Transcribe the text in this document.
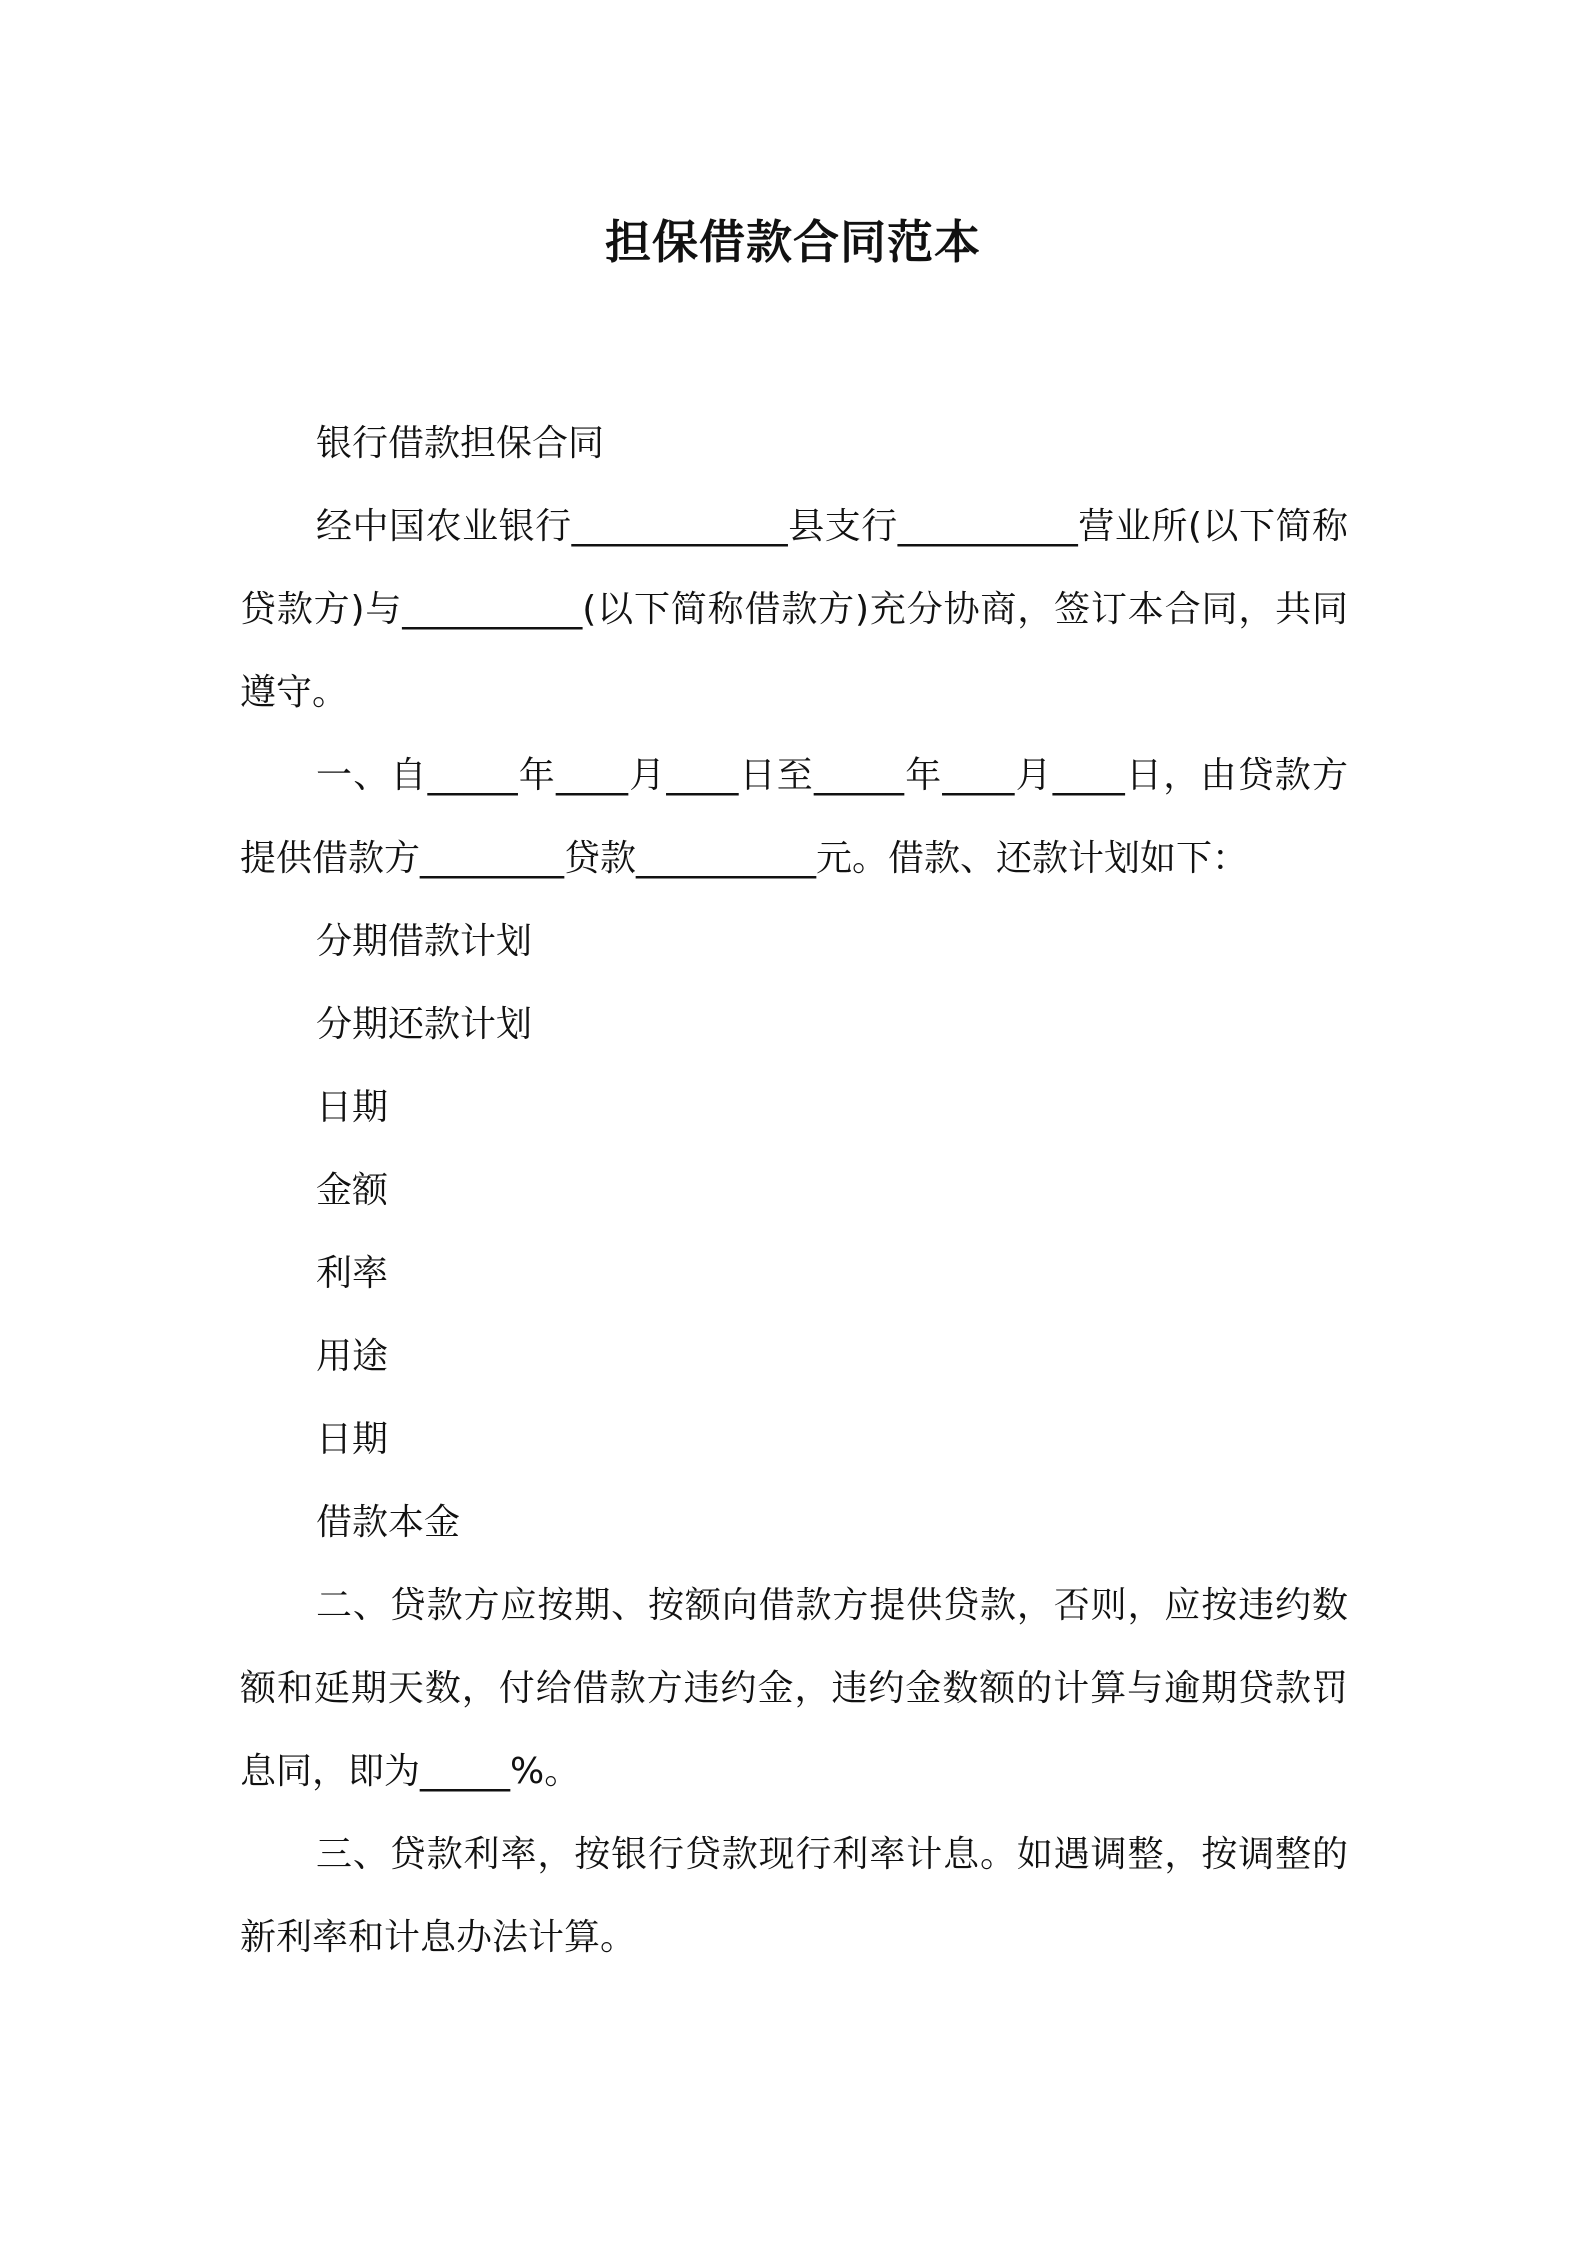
担保借款合同范本

银行借款担保合同

经中国农业银行____________县支行__________营业所(以下简称贷款方)与__________(以下简称借款方)充分协商，签订本合同，共同遵守。

一、自_____年____月____日至_____年____月____日，由贷款方提供借款方________贷款__________元。借款、还款计划如下：

分期借款计划

分期还款计划

日期

金额

利率

用途

日期

借款本金

二、贷款方应按期、按额向借款方提供贷款，否则，应按违约数额和延期天数，付给借款方违约金，违约金数额的计算与逾期贷款罚息同，即为_____%。

三、贷款利率，按银行贷款现行利率计息。如遇调整，按调整的新利率和计息办法计算。
